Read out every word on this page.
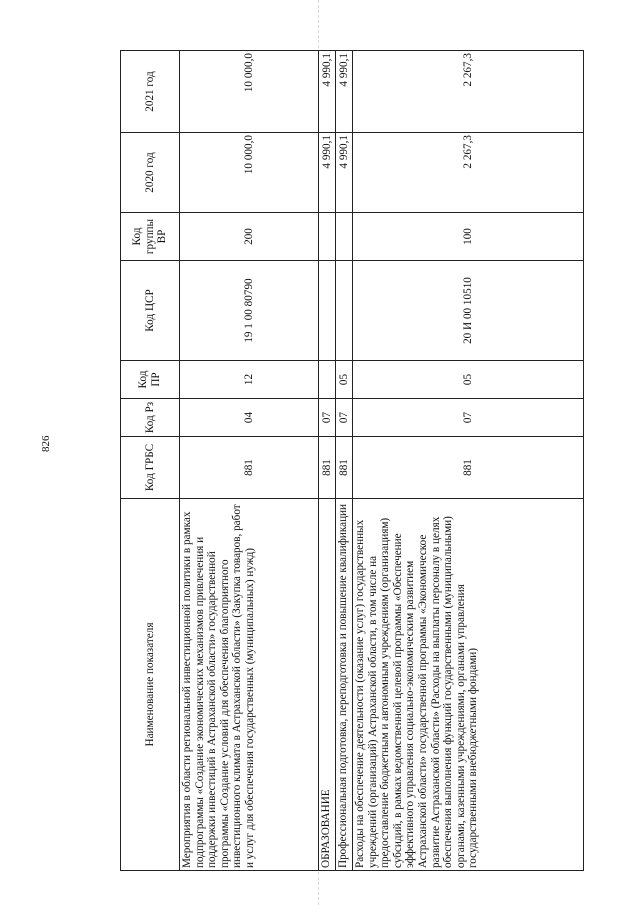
826
Наименование показателя	Код ГРБС	Код Рз	Код ПР	Код ЦСР	Код группы ВР	2020 год	2021 год
Мероприятия в области региональной инвестиционной политики в рамках подпрограммы «Создание экономических механизмов привлечения и поддержки инвестиций в Астраханской области» государственной программы «Создание условий для обеспечения благоприятного инвестиционного климата в Астраханской области» (Закупка товаров, работ и услуг для обеспечения государственных (муниципальных) нужд)	881	04	12	19 1 00 80790	200	10 000,0	10 000,0
ОБРАЗОВАНИЕ	881	07				4 990,1	4 990,1
Профессиональная подготовка, переподготовка и повышение квалификации	881	07	05			4 990,1	4 990,1
Расходы на обеспечение деятельности (оказание услуг) государственных учреждений (организаций) Астраханской области, в том числе на предоставление бюджетным и автономным учреждениям (организациям) субсидий, в рамках ведомственной целевой программы «Обеспечение эффективного управления социально-экономическим развитием Астраханской области» государственной программы «Экономическое развитие Астраханской области» (Расходы на выплаты персоналу в целях обеспечения выполнения функций государственными (муниципальными) органами, казенными учреждениями, органами управления государственными внебюджетными фондами)	881	07	05	20 И 00 10510	100	2 267,3	2 267,3
